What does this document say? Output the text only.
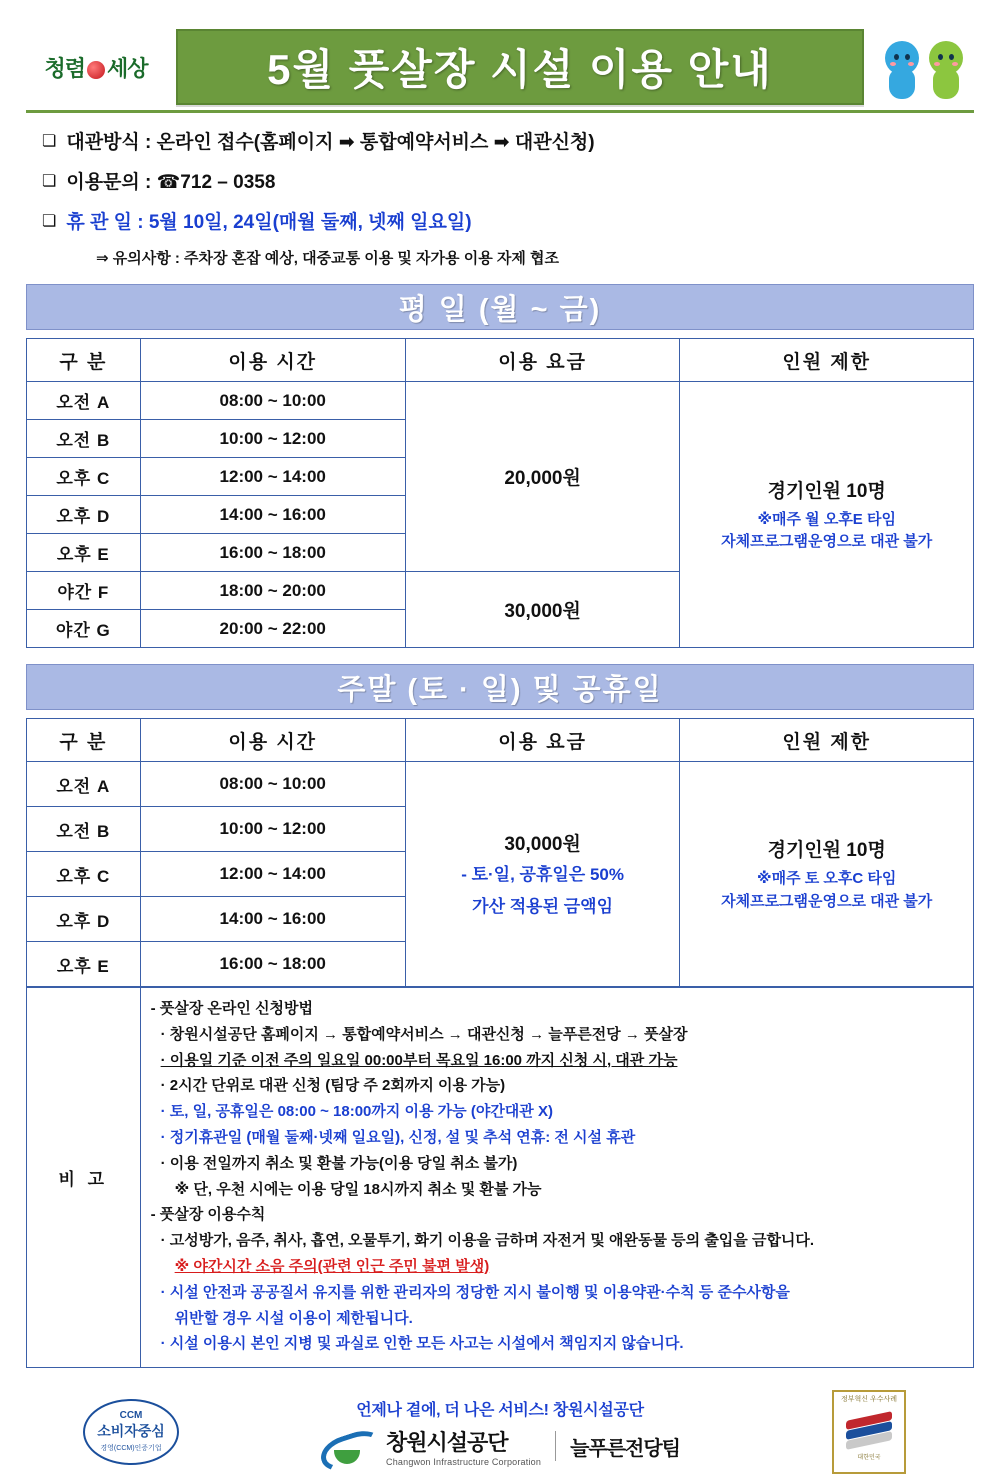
청렴 세상	5월 풋살장 시설 이용 안내
❏ 대관방식 : 온라인 접수(홈페이지 ➡ 통합예약서비스 ➡ 대관신청)
❏ 이용문의 : ☎712 – 0358
❏ 휴 관 일 : 5월 10일, 24일(매월 둘째, 넷째 일요일)
⇒ 유의사항 : 주차장 혼잡 예상, 대중교통 이용 및 자가용 이용 자제 협조
평 일 (월 ~ 금)
구 분	이용 시간	이용 요금	인원 제한
오전 A	08:00 ~ 10:00	20,000원	경기인원 10명
※매주 월 오후E 타임
자체프로그램운영으로 대관 불가

오전 B	10:00 ~ 12:00		
오후 C	12:00 ~ 14:00		
오후 D	14:00 ~ 16:00		
오후 E	16:00 ~ 18:00		
야간 F	18:00 ~ 20:00	30,000원	
야간 G	20:00 ~ 22:00		
주말 (토 · 일) 및 공휴일
구 분	이용 시간	이용 요금	인원 제한
오전 A	08:00 ~ 10:00	30,000원
- 토·일, 공휴일은 50%
가산 적용된 금액임

경기인원 10명
※매주 토 오후C 타임
자체프로그램운영으로 대관 불가

오전 B	10:00 ~ 12:00		
오후 C	12:00 ~ 14:00		
오후 D	14:00 ~ 16:00		
오후 E	16:00 ~ 18:00		
비 고	
- 풋살장 온라인 신청방법
· 창원시설공단 홈페이지 → 통합예약서비스 → 대관신청 → 늘푸른전당 → 풋살장
· 이용일 기준 이전 주의 일요일 00:00부터 목요일 16:00 까지 신청 시, 대관 가능
· 2시간 단위로 대관 신청 (팀당 주 2회까지 이용 가능)
· 토, 일, 공휴일은 08:00 ~ 18:00까지 이용 가능 (야간대관 X)
· 정기휴관일 (매월 둘째·넷째 일요일), 신정, 설 및 추석 연휴: 전 시설 휴관
· 이용 전일까지 취소 및 환불 가능(이용 당일 취소 불가)
※ 단, 우천 시에는 이용 당일 18시까지 취소 및 환불 가능
- 풋살장 이용수칙
· 고성방가, 음주, 취사, 흡연, 오물투기, 화기 이용을 금하며 자전거 및 애완동물 등의 출입을 금합니다.
※ 야간시간 소음 주의(관련 인근 주민 불편 발생)
· 시설 안전과 공공질서 유지를 위한 관리자의 정당한 지시 불이행 및 이용약관·수칙 등 준수사항을
위반할 경우 시설 이용이 제한됩니다.
· 시설 이용시 본인 지병 및 과실로 인한 모든 사고는 시설에서 책임지지 않습니다.
CCM
소비자중심
경영(CCM)인증기업
언제나 곁에, 더 나은 서비스! 창원시설공단
창원시설공단
Changwon Infrastructure Corporation
늘푸른전당팀
정부혁신 우수사례
대한민국
